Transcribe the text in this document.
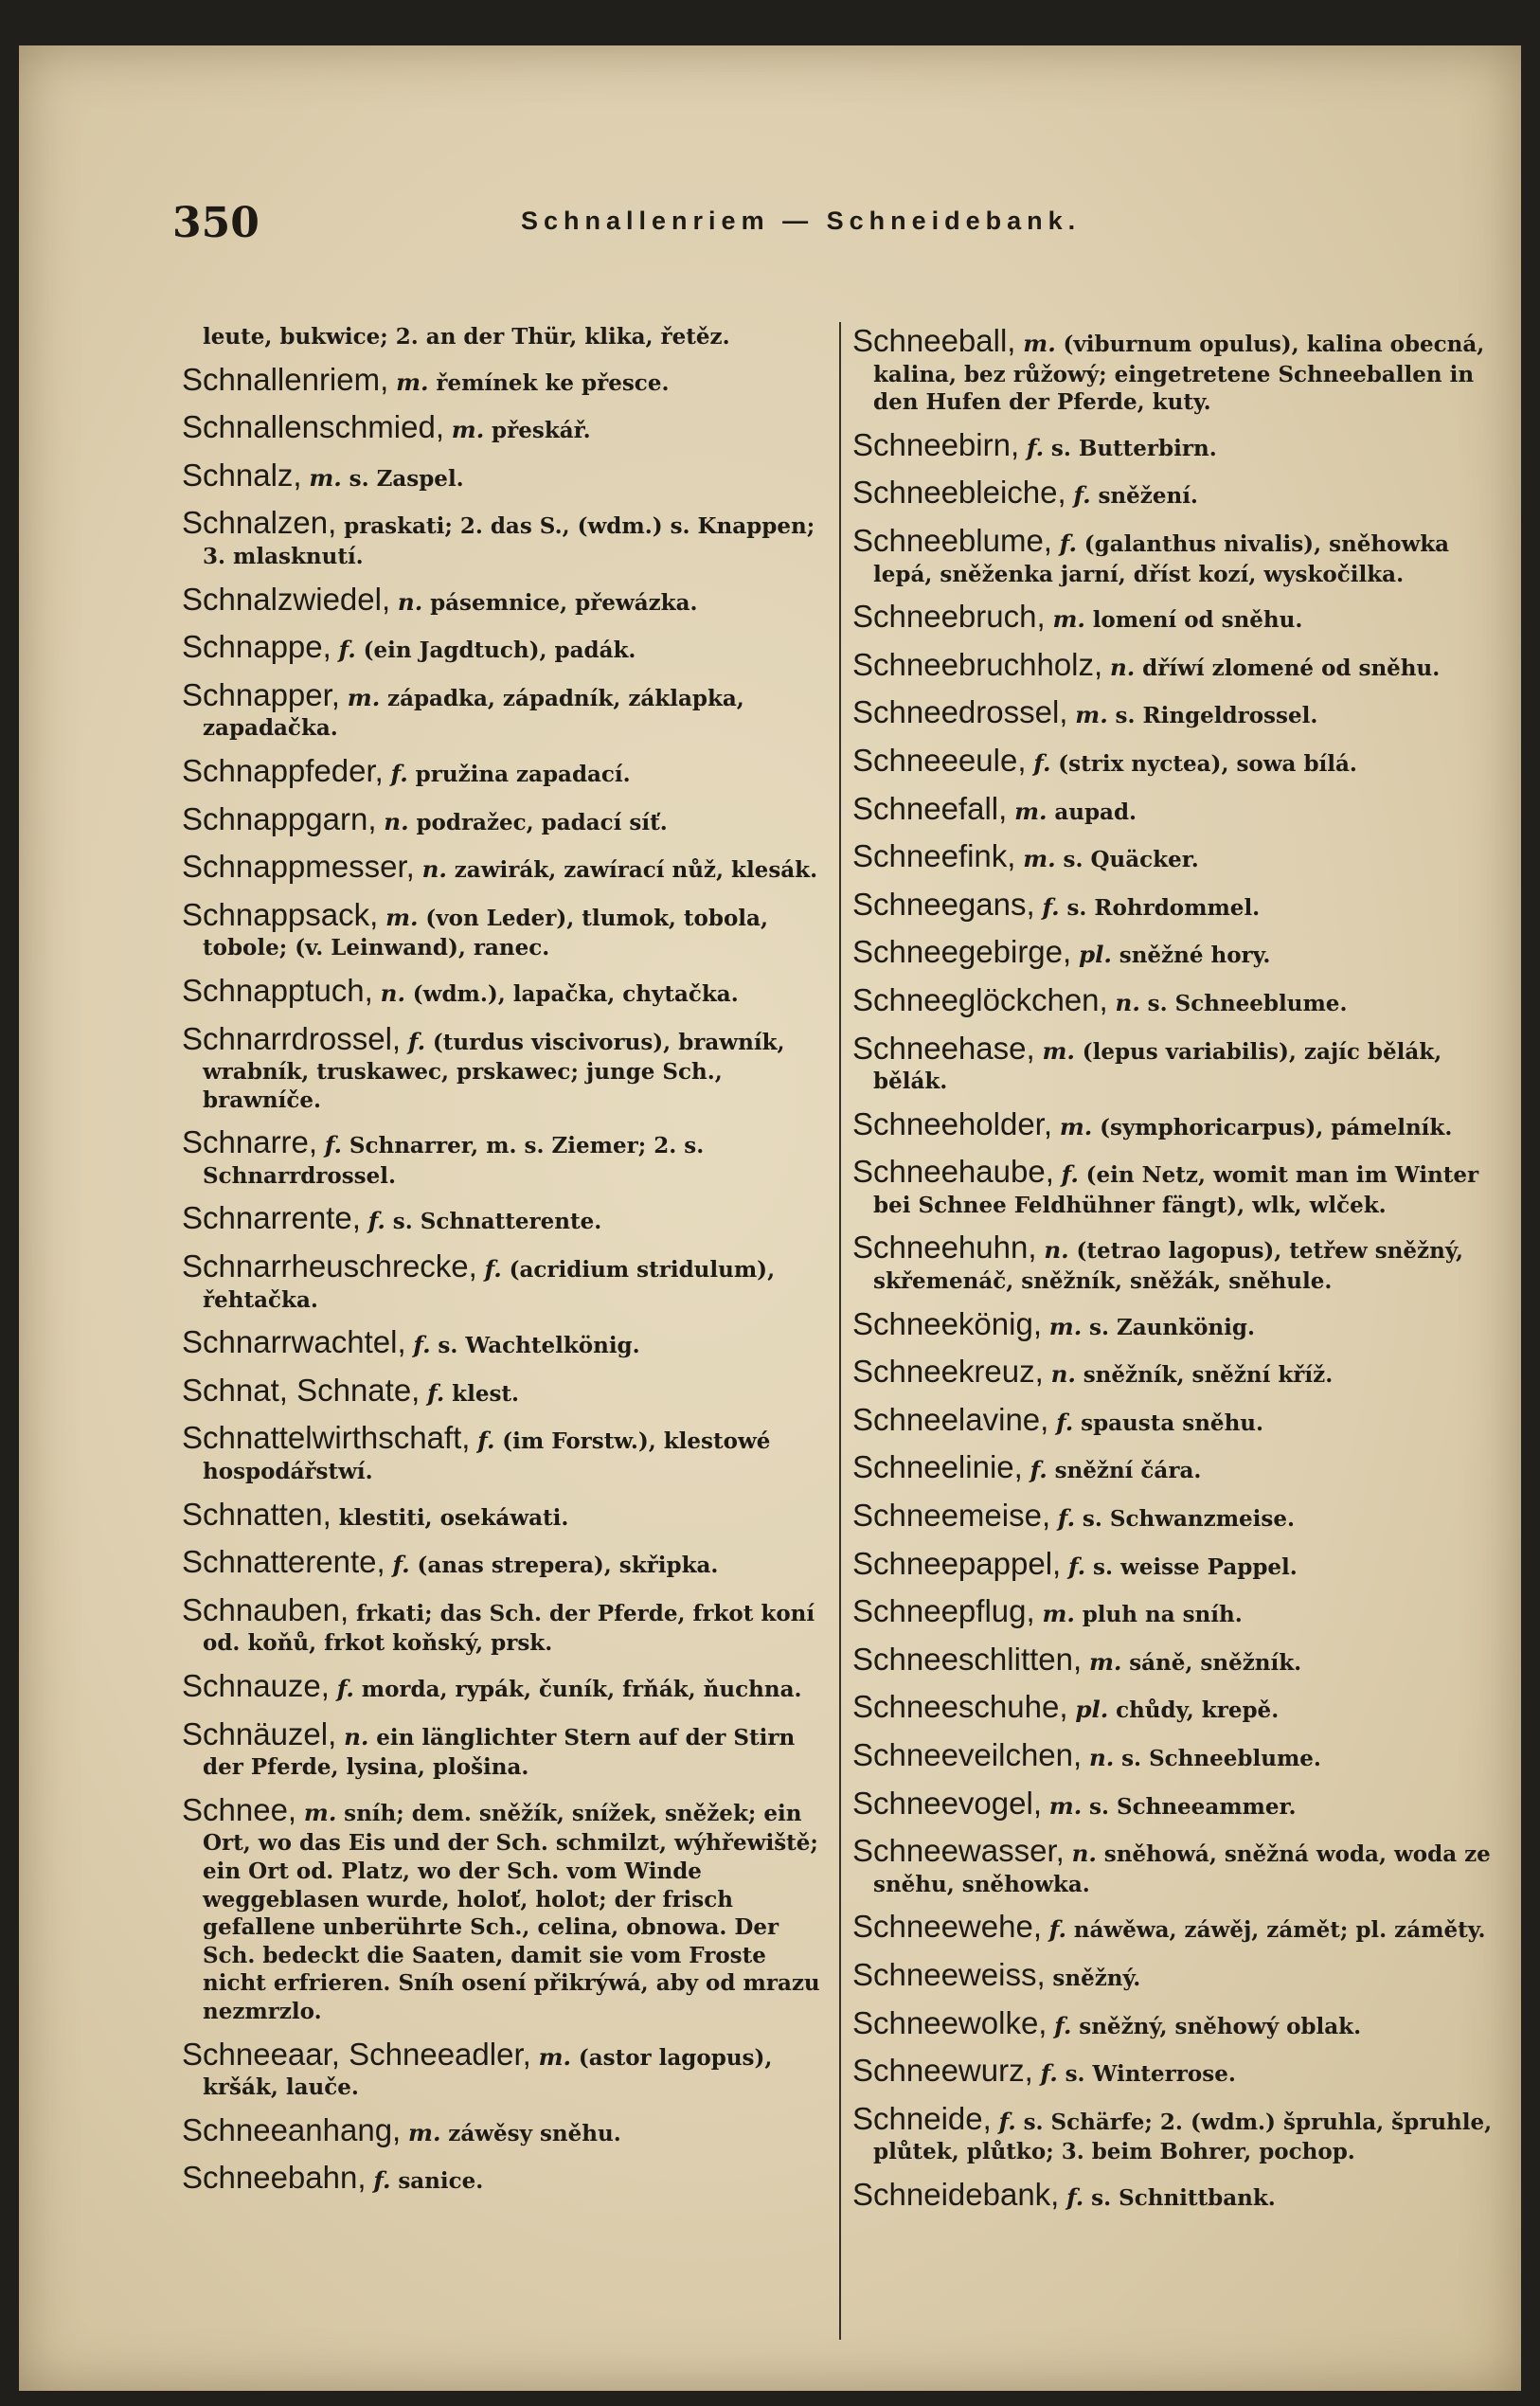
350	Schnallenriem — Schneidebank.
leute, bukwice; 2. an der Thür, klika, řetěz.
Schnallenriem, m. řemínek ke přesce.
Schnallenschmied, m. přeskář.
Schnalz, m. s. Zaspel.
Schnalzen, praskati; 2. das S., (wdm.) s. Knappen; 3. mlasknutí.
Schnalzwiedel, n. pásemnice, přewázka.
Schnappe, f. (ein Jagdtuch), padák.
Schnapper, m. západka, západník, záklapka, zapadačka.
Schnappfeder, f. pružina zapadací.
Schnappgarn, n. podražec, padací síť.
Schnappmesser, n. zawirák, zawírací nůž, klesák.
Schnappsack, m. (von Leder), tlumok, tobola, tobole; (v. Leinwand), ranec.
Schnapptuch, n. (wdm.), lapačka, chytačka.
Schnarrdrossel, f. (turdus viscivorus), brawník, wrabník, truskawec, prskawec; junge Sch., brawníče.
Schnarre, f. Schnarrer, m. s. Ziemer; 2. s. Schnarrdrossel.
Schnarrente, f. s. Schnatterente.
Schnarrheuschrecke, f. (acridium stridulum), řehtačka.
Schnarrwachtel, f. s. Wachtelkönig.
Schnat, Schnate, f. klest.
Schnattelwirthschaft, f. (im Forstw.), klestowé hospodářstwí.
Schnatten, klestiti, osekáwati.
Schnatterente, f. (anas strepera), skřipka.
Schnauben, frkati; das Sch. der Pferde, frkot koní od. koňů, frkot koňský, prsk.
Schnauze, f. morda, rypák, čuník, frňák, ňuchna.
Schnäuzel, n. ein länglichter Stern auf der Stirn der Pferde, lysina, plošina.
Schnee, m. sníh; dem. sněžík, snížek, sněžek; ein Ort, wo das Eis und der Sch. schmilzt, wýhřewiště; ein Ort od. Platz, wo der Sch. vom Winde weggeblasen wurde, holoť, holot; der frisch gefallene unberührte Sch., celina, obnowa. Der Sch. bedeckt die Saaten, damit sie vom Froste nicht erfrieren. Sníh osení přikrýwá, aby od mrazu nezmrzlo.
Schneeaar, Schneeadler, m. (astor lagopus), kršák, lauče.
Schneeanhang, m. záwěsy sněhu.
Schneebahn, f. sanice.
Schneeball, m. (viburnum opulus), kalina obecná, kalina, bez růžowý; eingetretene Schneeballen in den Hufen der Pferde, kuty.
Schneebirn, f. s. Butterbirn.
Schneebleiche, f. sněžení.
Schneeblume, f. (galanthus nivalis), sněhowka lepá, sněženka jarní, dříst kozí, wyskočilka.
Schneebruch, m. lomení od sněhu.
Schneebruchholz, n. dříwí zlomené od sněhu.
Schneedrossel, m. s. Ringeldrossel.
Schneeeule, f. (strix nyctea), sowa bílá.
Schneefall, m. aupad.
Schneefink, m. s. Quäcker.
Schneegans, f. s. Rohrdommel.
Schneegebirge, pl. sněžné hory.
Schneeglöckchen, n. s. Schneeblume.
Schneehase, m. (lepus variabilis), zajíc bělák, bělák.
Schneeholder, m. (symphoricarpus), pámelník.
Schneehaube, f. (ein Netz, womit man im Winter bei Schnee Feldhühner fängt), wlk, wlček.
Schneehuhn, n. (tetrao lagopus), tetřew sněžný, skřemenáč, sněžník, sněžák, sněhule.
Schneekönig, m. s. Zaunkönig.
Schneekreuz, n. sněžník, sněžní kříž.
Schneelavine, f. spausta sněhu.
Schneelinie, f. sněžní čára.
Schneemeise, f. s. Schwanzmeise.
Schneepappel, f. s. weisse Pappel.
Schneepflug, m. pluh na sníh.
Schneeschlitten, m. sáně, sněžník.
Schneeschuhe, pl. chůdy, krepě.
Schneeveilchen, n. s. Schneeblume.
Schneevogel, m. s. Schneeammer.
Schneewasser, n. sněhowá, sněžná woda, woda ze sněhu, sněhowka.
Schneewehe, f. náwěwa, záwěj, zámět; pl. záměty.
Schneeweiss, sněžný.
Schneewolke, f. sněžný, sněhowý oblak.
Schneewurz, f. s. Winterrose.
Schneide, f. s. Schärfe; 2. (wdm.) špruhla, špruhle, plůtek, plůtko; 3. beim Bohrer, pochop.
Schneidebank, f. s. Schnittbank.
